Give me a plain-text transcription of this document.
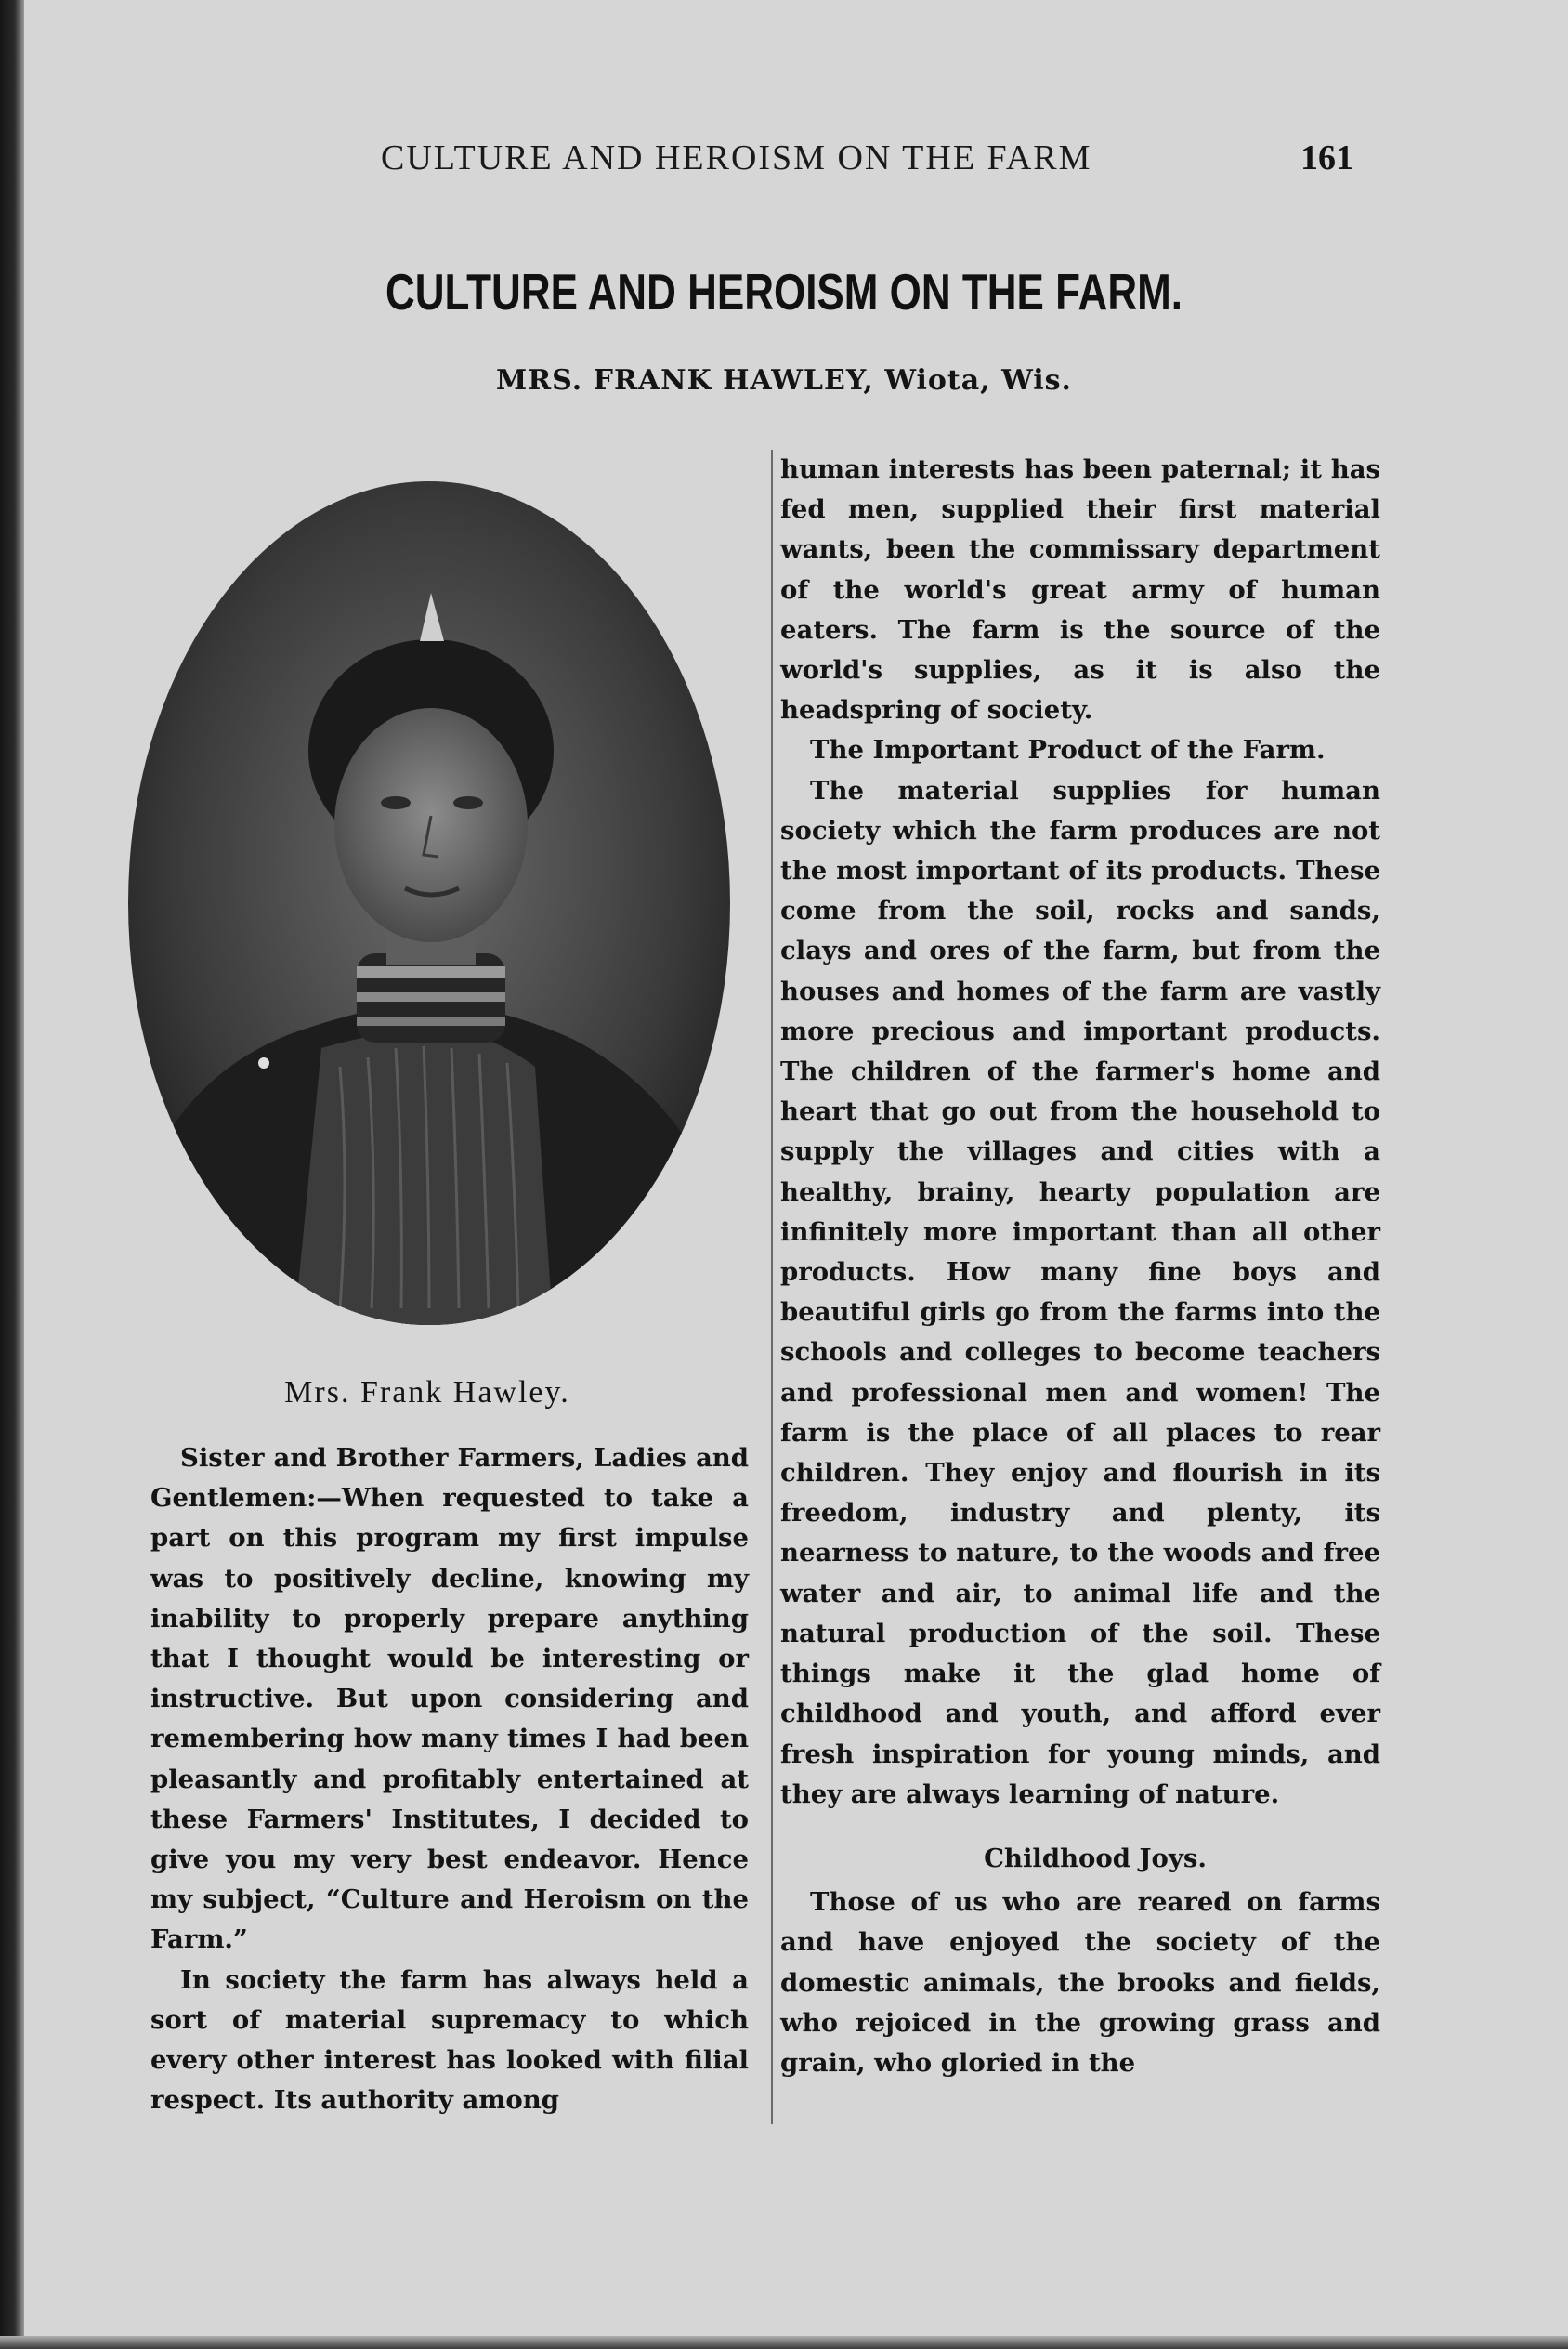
CULTURE AND HEROISM ON THE FARM	161
CULTURE AND HEROISM ON THE FARM.
MRS. FRANK HAWLEY, Wiota, Wis.
Mrs. Frank Hawley.

Sister and Brother Farmers, Ladies and Gentlemen:—When requested to take a part on this program my first impulse was to positively decline, knowing my inability to properly prepare anything that I thought would be interesting or instructive. But upon considering and remembering how many times I had been pleasantly and profitably entertained at these Farmers' Institutes, I decided to give you my very best endeavor. Hence my subject, “Culture and Heroism on the Farm.”

In society the farm has always held a sort of material supremacy to which every other interest has looked with filial respect. Its authority among

human interests has been paternal; it has fed men, supplied their first material wants, been the commissary department of the world's great army of human eaters. The farm is the source of the world's supplies, as it is also the headspring of society.

The Important Product of the Farm.

The material supplies for human society which the farm produces are not the most important of its products. These come from the soil, rocks and sands, clays and ores of the farm, but from the houses and homes of the farm are vastly more precious and important products. The children of the farmer's home and heart that go out from the household to supply the villages and cities with a healthy, brainy, hearty population are infinitely more important than all other products. How many fine boys and beautiful girls go from the farms into the schools and colleges to become teachers and professional men and women! The farm is the place of all places to rear children. They enjoy and flourish in its freedom, industry and plenty, its nearness to nature, to the woods and free water and air, to animal life and the natural production of the soil. These things make it the glad home of childhood and youth, and afford ever fresh inspiration for young minds, and they are always learning of nature.

Childhood Joys.

Those of us who are reared on farms and have enjoyed the society of the domestic animals, the brooks and fields, who rejoiced in the growing grass and grain, who gloried in the
